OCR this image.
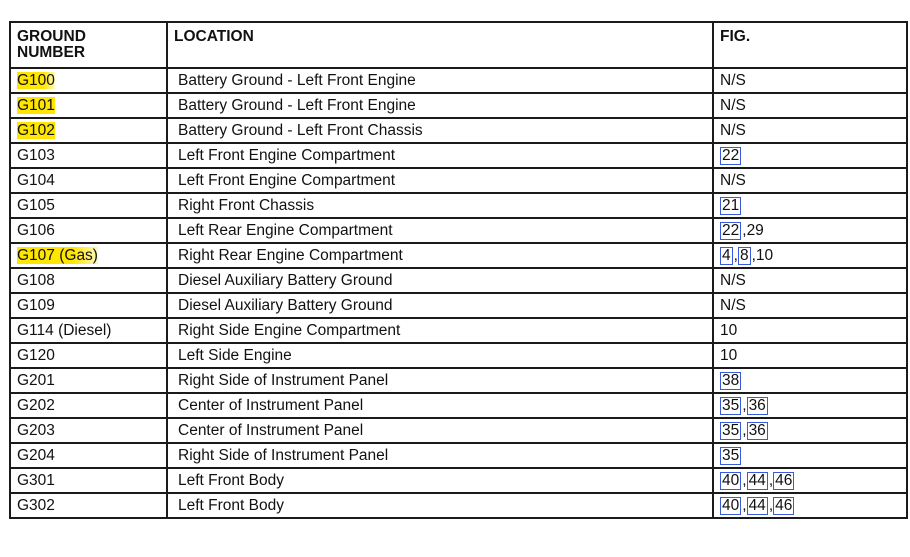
GROUND
NUMBER	LOCATION	FIG.
G100	Battery Ground - Left Front Engine	N/S
G101	Battery Ground - Left Front Engine	N/S
G102	Battery Ground - Left Front Chassis	N/S
G103	Left Front Engine Compartment	22
G104	Left Front Engine Compartment	N/S
G105	Right Front Chassis	21
G106	Left Rear Engine Compartment	22 ,29
G107 (Gas)	Right Rear Engine Compartment	4 ,8 ,10
G108	Diesel Auxiliary Battery Ground	N/S
G109	Diesel Auxiliary Battery Ground	N/S
G114 (Diesel)	Right Side Engine Compartment	10
G120	Left Side Engine	10
G201	Right Side of Instrument Panel	38
G202	Center of Instrument Panel	35 ,36
G203	Center of Instrument Panel	35 ,36
G204	Right Side of Instrument Panel	35
G301	Left Front Body	40 ,44 ,46
G302	Left Front Body	40 ,44 ,46
